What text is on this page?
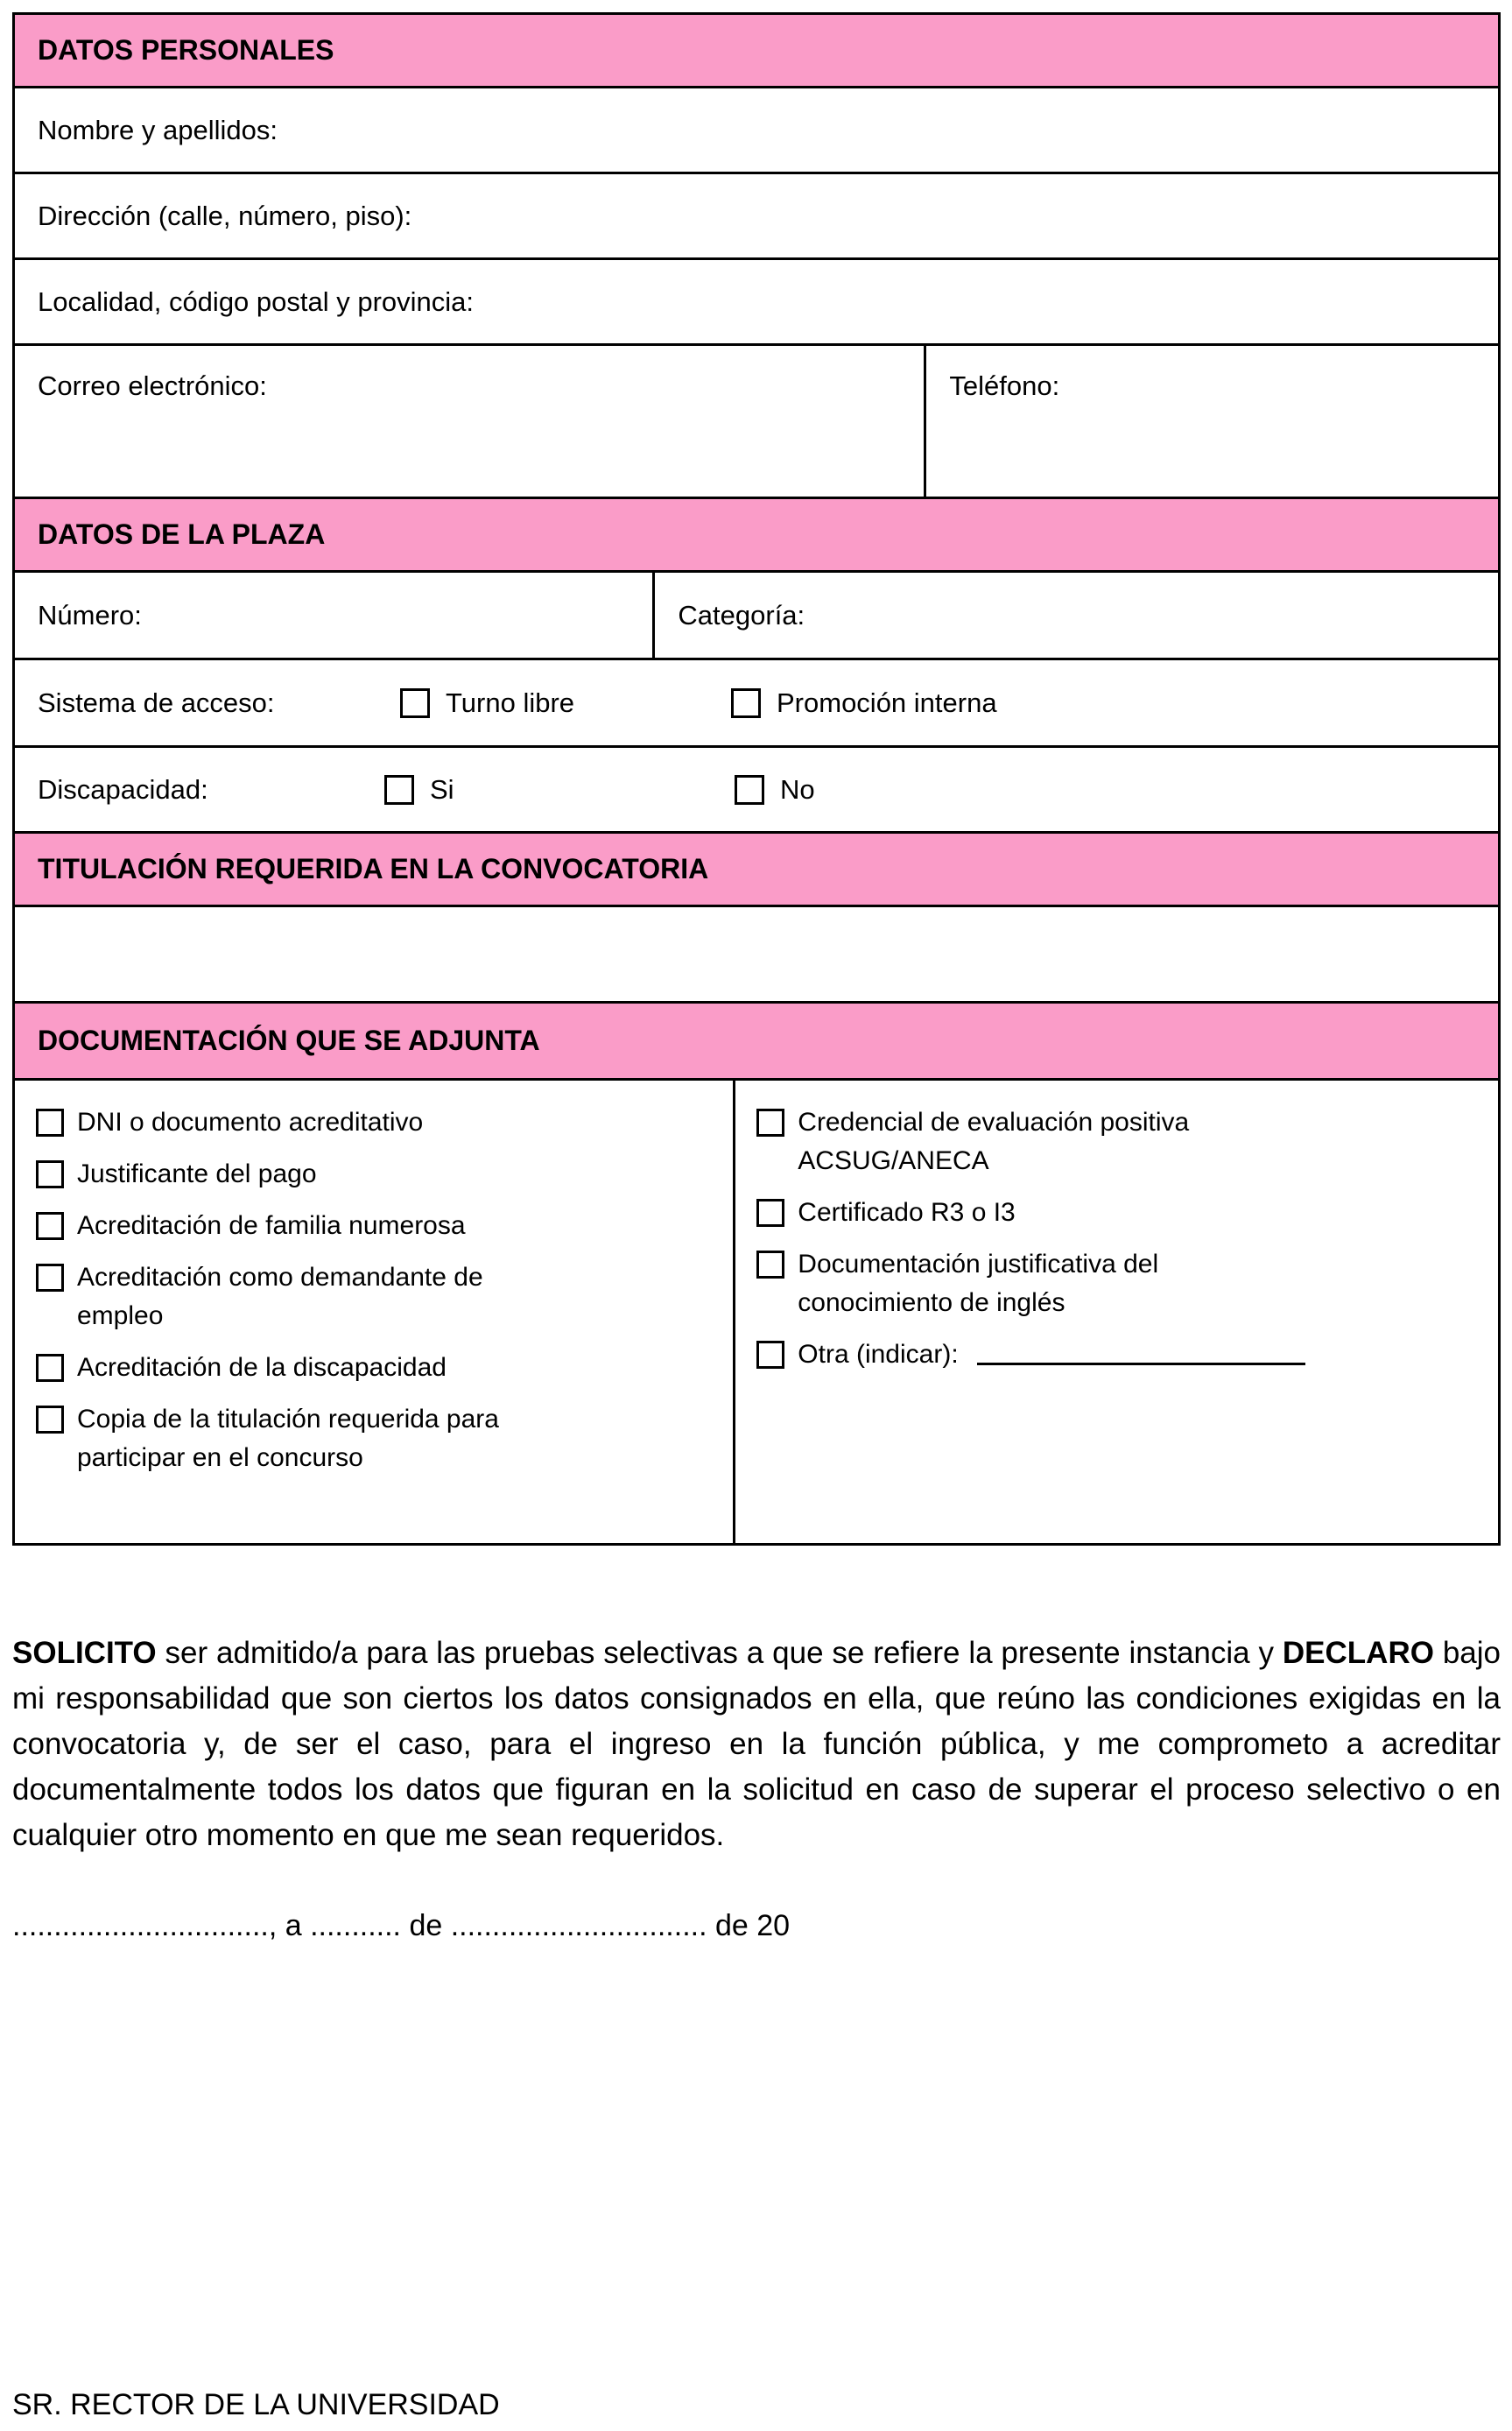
DATOS PERSONALES
Nombre y apellidos:
Dirección (calle, número, piso):
Localidad, código postal y provincia:
Correo electrónico:	Teléfono:
DATOS DE LA PLAZA
Número:	Categoría:
Sistema de acceso:	Turno libre	Promoción interna
Discapacidad:	Si	No
TITULACIÓN REQUERIDA EN LA CONVOCATORIA
DOCUMENTACIÓN QUE SE ADJUNTA
DNI o documento acreditativo
Justificante del pago
Acreditación de familia numerosa
Acreditación como demandante de empleo
Acreditación de la discapacidad
Copia de la titulación requerida para participar en el concurso
Credencial de evaluación positiva ACSUG/ANECA
Certificado R3 o I3
Documentación justificativa del conocimiento de inglés
Otra (indicar):

SOLICITO ser admitido/a para las pruebas selectivas a que se refiere la presente instancia y DECLARO bajo mi responsabilidad que son ciertos los datos consignados en ella, que reúno las condiciones exigidas en la convocatoria y, de ser el caso, para el ingreso en la función pública, y me comprometo a acreditar documentalmente todos los datos que figuran en la solicitud en caso de superar el proceso selectivo o en cualquier otro momento en que me sean requeridos.

..............................., a ........... de ............................... de 20

SR. RECTOR DE LA UNIVERSIDAD
